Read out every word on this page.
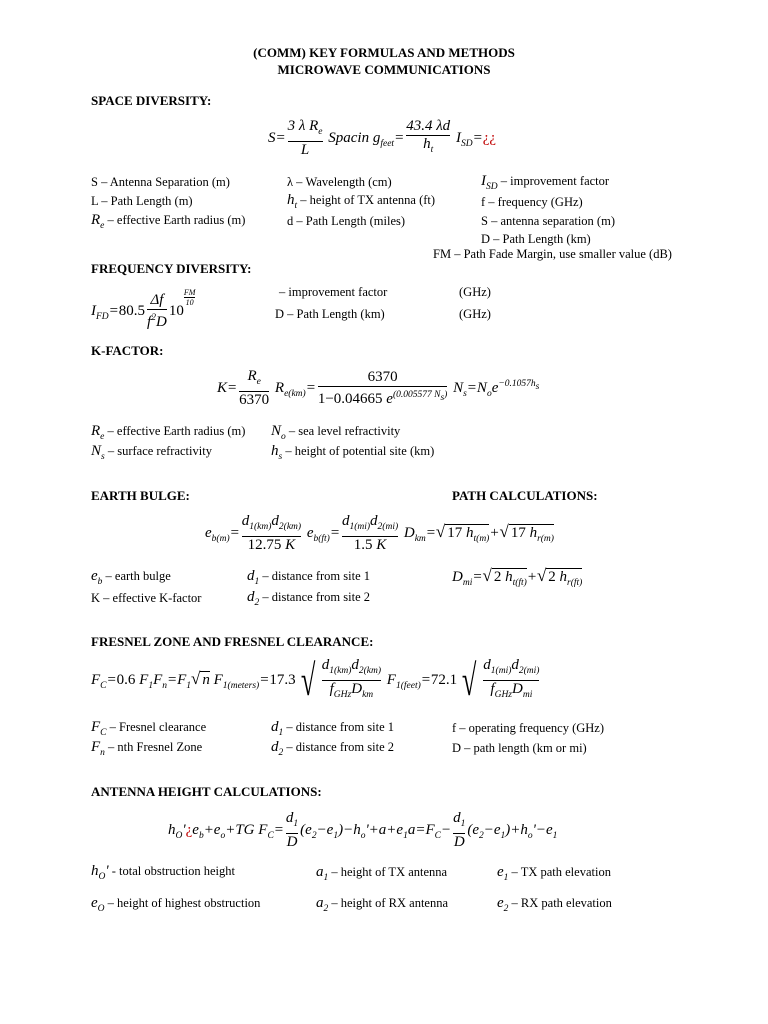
(COMM) KEY FORMULAS AND METHODS
MICROWAVE COMMUNICATIONS
SPACE DIVERSITY:
$S= \frac{3 \lambda R_e}{L}$ Spacin $g_{feet}= \frac{43.4 \lambda d}{h_t}$ $I_{SD}=¿¿$
S – Antenna Separation (m)
L – Path Length (m)
$R_e$ – effective Earth radius (m)
λ – Wavelength (cm)
$h_t$ – height of TX antenna (ft)
d – Path Length (miles)
$I_{SD}$ – improvement factor
f – frequency (GHz)
S – antenna separation (m)
D – Path Length (km)
FM – Path Fade Margin, use smaller value (dB)
FREQUENCY DIVERSITY:
$I_{FD}=80.5 \frac{\Delta f}{f^2D} 10$
$^{\frac{FM}{10}}$	– improvement factor
D – Path Length (km)
(GHz)
(GHz)
K-FACTOR:
$K= \frac{R_e}{6370} R_{e(km)}= \frac{6370}{1-0.04665 e^{(0.005577 N_s)}} N_s=N_oe^{-0.1057h_s}$
$R_e$ – effective Earth radius (m)
$N_s$ – surface refractivity
$N_o$ – sea level refractivity
$h_s$ – height of potential site (km)
EARTH BULGE:	PATH CALCULATIONS:
$e_{b(m)}= \frac{d_{1(km)}d_{2(km)}}{12.75 K} e_{b(ft)}= \frac{d_{1(mi)}d_{2(mi)}}{1.5 K} D_{km}=√$ 17 $h_{t(m)}+√$ 17 $h_{r(m)}$
$e_b$ – earth bulge
K – effective K-factor
$d_1$ – distance from site 1
$d_2$ – distance from site 2
$D_{mi}=√$ 2 $h_{t(ft)}+√$ 2 $h_{r(ft)}$
FRESNEL ZONE AND FRESNEL CLEARANCE:
$F_C=0.6$ $F_1F_n=F_1√$ n $F_{1(meters)}=17.3$ √ $\frac{d_{1(km)}d_{2(km)}}{f_{GHz}D_{km}} F_{1(feet)}=72.1$ √ $\frac{d_{1(mi)}d_{2(mi)}}{f_{GHz}D_{mi}}$
$F_C$ – Fresnel clearance
$F_n$ – nth Fresnel Zone
$d_1$ – distance from site 1
$d_2$ – distance from site 2
f – operating frequency (GHz)
D – path length (km or mi)
ANTENNA HEIGHT CALCULATIONS:
$h_O'¿e_b+e_o+TG$ $F_C= \frac{d_1}{D} (e_2-e_1)-h_o'+a+e_1a=F_C- \frac{d_1}{D} (e_2-e_1)+h_o'-e_1$
$h_O'$ - total obstruction height
$e_O$ – height of highest obstruction
$a_1$ – height of TX antenna
$a_2$ – height of RX antenna
$e_1$ – TX path elevation
$e_2$ – RX path elevation
